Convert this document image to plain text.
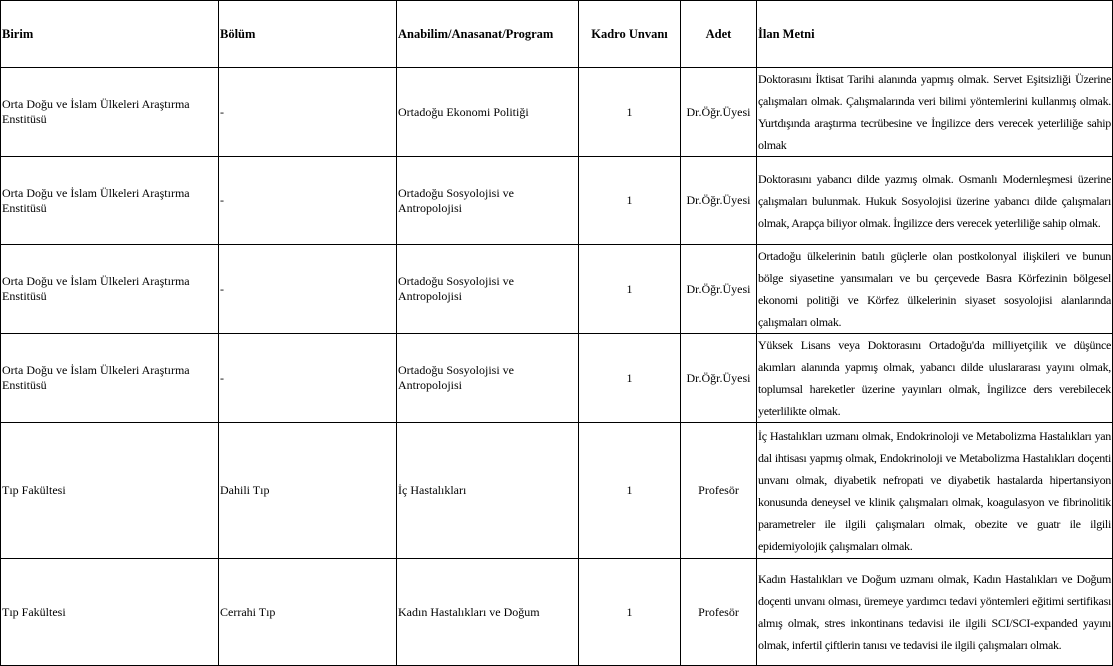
Birim	Bölüm	Anabilim/Anasanat/Program	Kadro Unvanı	Adet	İlan Metni
Orta Doğu ve İslam Ülkeleri Araştırma Enstitüsü	-	Ortadoğu Ekonomi Politiği	1	Dr.Öğr.Üyesi	Doktorasını İktisat Tarihi alanında yapmış olmak. Servet Eşitsizliği Üzerine çalışmaları olmak. Çalışmalarında veri bilimi yöntemlerini kullanmış olmak. Yurtdışında araştırma tecrübesine ve İngilizce ders verecek yeterliliğe sahip olmak
Orta Doğu ve İslam Ülkeleri Araştırma Enstitüsü	-	Ortadoğu Sosyolojisi ve Antropolojisi	1	Dr.Öğr.Üyesi	Doktorasını yabancı dilde yazmış olmak. Osmanlı Modernleşmesi üzerine çalışmaları bulunmak. Hukuk Sosyolojisi üzerine yabancı dilde çalışmaları olmak, Arapça biliyor olmak. İngilizce ders verecek yeterliliğe sahip olmak.
Orta Doğu ve İslam Ülkeleri Araştırma Enstitüsü	-	Ortadoğu Sosyolojisi ve Antropolojisi	1	Dr.Öğr.Üyesi	Ortadoğu ülkelerinin batılı güçlerle olan postkolonyal ilişkileri ve bunun bölge siyasetine yansımaları ve bu çerçevede Basra Körfezinin bölgesel ekonomi politiği ve Körfez ülkelerinin siyaset sosyolojisi alanlarında çalışmaları olmak.
Orta Doğu ve İslam Ülkeleri Araştırma Enstitüsü	-	Ortadoğu Sosyolojisi ve Antropolojisi	1	Dr.Öğr.Üyesi	Yüksek Lisans veya Doktorasını Ortadoğu'da milliyetçilik ve düşünce akımları alanında yapmış olmak, yabancı dilde uluslararası yayını olmak, toplumsal hareketler üzerine yayınları olmak, İngilizce ders verebilecek yeterlilikte olmak.
Tıp Fakültesi	Dahili Tıp	İç Hastalıkları	1	Profesör	İç Hastalıkları uzmanı olmak, Endokrinoloji ve Metabolizma Hastalıkları yan dal ihtisası yapmış olmak, Endokrinoloji ve Metabolizma Hastalıkları doçenti unvanı olmak, diyabetik nefropati ve diyabetik hastalarda hipertansiyon konusunda deneysel ve klinik çalışmaları olmak, koagulasyon ve fibrinolitik parametreler ile ilgili çalışmaları olmak, obezite ve guatr ile ilgili epidemiyolojik çalışmaları olmak.
Tıp Fakültesi	Cerrahi Tıp	Kadın Hastalıkları ve Doğum	1	Profesör	Kadın Hastalıkları ve Doğum uzmanı olmak, Kadın Hastalıkları ve Doğum doçenti unvanı olması, üremeye yardımcı tedavi yöntemleri eğitimi sertifikası almış olmak, stres inkontinans tedavisi ile ilgili SCI/SCI-expanded yayını olmak, infertil çiftlerin tanısı ve tedavisi ile ilgili çalışmaları olmak.
